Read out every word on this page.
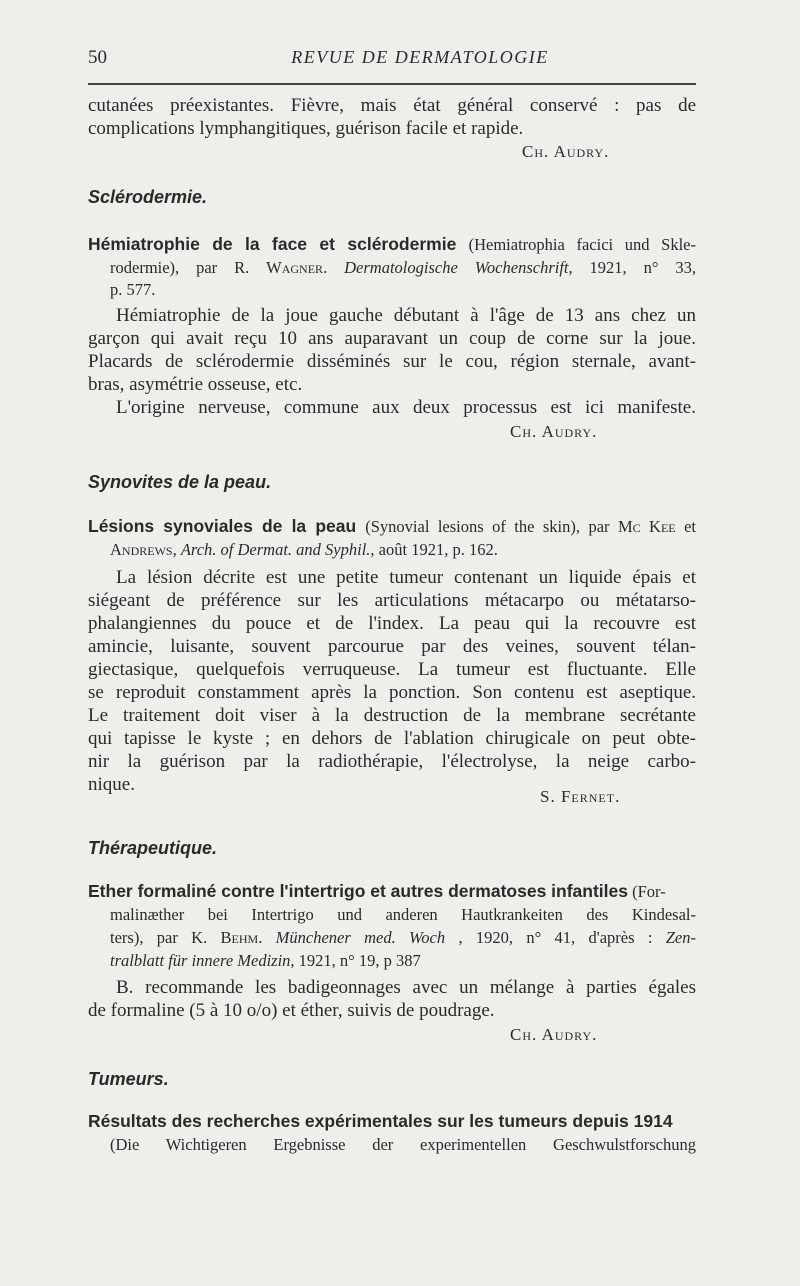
50	REVUE DE DERMATOLOGIE

cutanées préexistantes. Fièvre, mais état général conservé : pas de

complications lymphangitiques, guérison facile et rapide.

Ch. Audry.
Sclérodermie.

Hémiatrophie de la face et sclérodermie (Hemiatrophia facici und Skle-

rodermie), par R. Wagner. Dermatologische Wochenschrift, 1921, n° 33,

p. 577.

Hémiatrophie de la joue gauche débutant à l'âge de 13 ans chez un

garçon qui avait reçu 10 ans auparavant un coup de corne sur la joue.

Placards de sclérodermie disséminés sur le cou, région sternale, avant-

bras, asymétrie osseuse, etc.

L'origine nerveuse, commune aux deux processus est ici manifeste.

Ch. Audry.
Synovites de la peau.

Lésions synoviales de la peau (Synovial lesions of the skin), par Mc Kee et

Andrews, Arch. of Dermat. and Syphil., août 1921, p. 162.

La lésion décrite est une petite tumeur contenant un liquide épais et

siégeant de préférence sur les articulations métacarpo ou métatarso-

phalangiennes du pouce et de l'index. La peau qui la recouvre est

amincie, luisante, souvent parcourue par des veines, souvent télan-

giectasique, quelquefois verruqueuse. La tumeur est fluctuante. Elle

se reproduit constamment après la ponction. Son contenu est aseptique.

Le traitement doit viser à la destruction de la membrane secrétante

qui tapisse le kyste ; en dehors de l'ablation chirugicale on peut obte-

nir la guérison par la radiothérapie, l'électrolyse, la neige carbo-

nique.

S. Fernet.
Thérapeutique.

Ether formaliné contre l'intertrigo et autres dermatoses infantiles (For-

malinæther bei Intertrigo und anderen Hautkrankeiten des Kindesal-

ters), par K. Behm. Münchener med. Woch , 1920, n° 41, d'après : Zen-

tralblatt für innere Medizin, 1921, n° 19, p 387

B. recommande les badigeonnages avec un mélange à parties égales

de formaline (5 à 10 o/o) et éther, suivis de poudrage.

Ch. Audry.
Tumeurs.

Résultats des recherches expérimentales sur les tumeurs depuis 1914

(Die Wichtigeren Ergebnisse der experimentellen Geschwulstforschung
